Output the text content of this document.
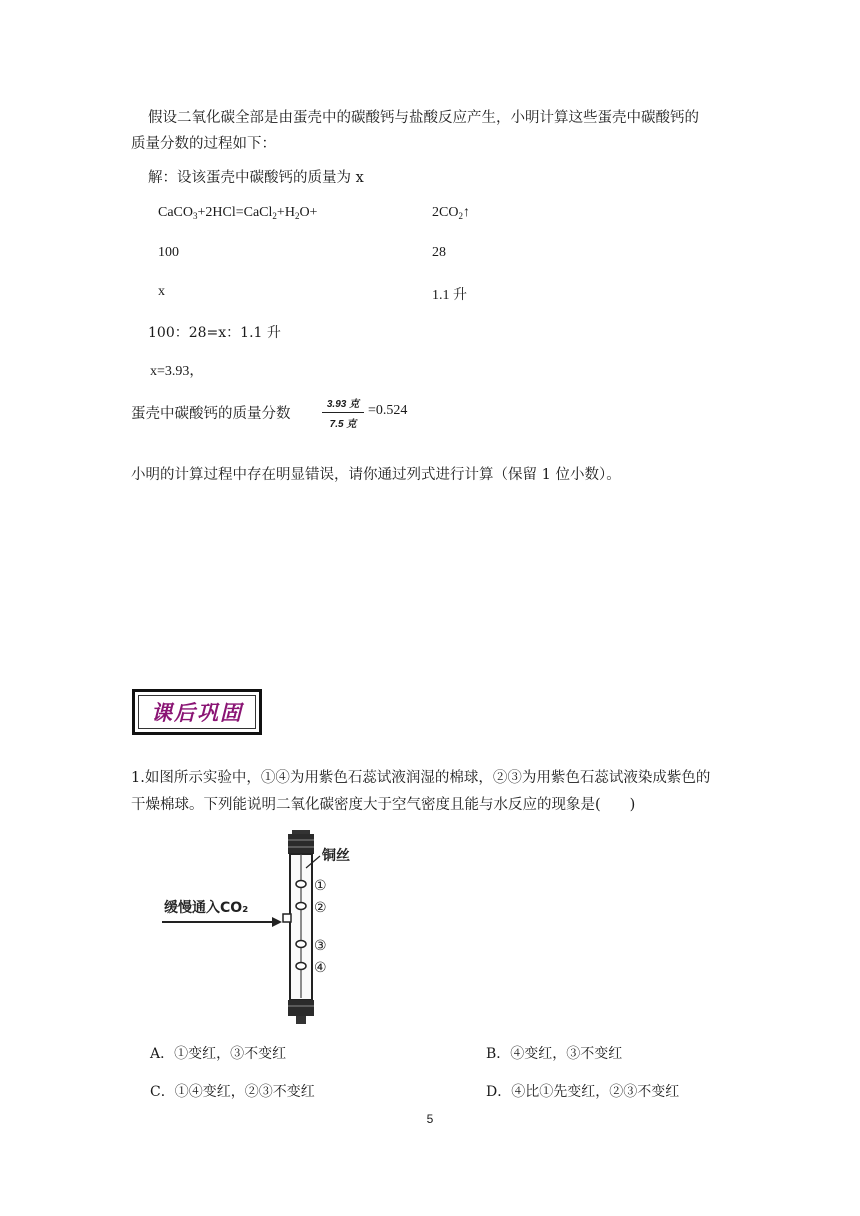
假设二氧化碳全部是由蛋壳中的碳酸钙与盐酸反应产生，小明计算这些蛋壳中碳酸钙的
质量分数的过程如下：
解：设该蛋壳中碳酸钙的质量为 x
$CaCO_3+2HCl=CaCl_2+H_2O+$	$2CO_2↑$
100	28
x	1.1 升
100：28=x：1.1 升
x=3.93，
蛋壳中碳酸钙的质量分数
3.93 克
7.5 克
=0.524
小明的计算过程中存在明显错误，请你通过列式进行计算（保留 1 位小数）。
课后巩固
1.如图所示实验中，①④为用紫色石蕊试液润湿的棉球，②③为用紫色石蕊试液染成紫色的
干燥棉球。下列能说明二氧化碳密度大于空气密度且能与水反应的现象是(　　)
缓慢通入CO₂
铜丝
①
②
③
④
A．①变红，③不变红	B．④变红，③不变红
C．①④变红，②③不变红	D．④比①先变红，②③不变红
5
